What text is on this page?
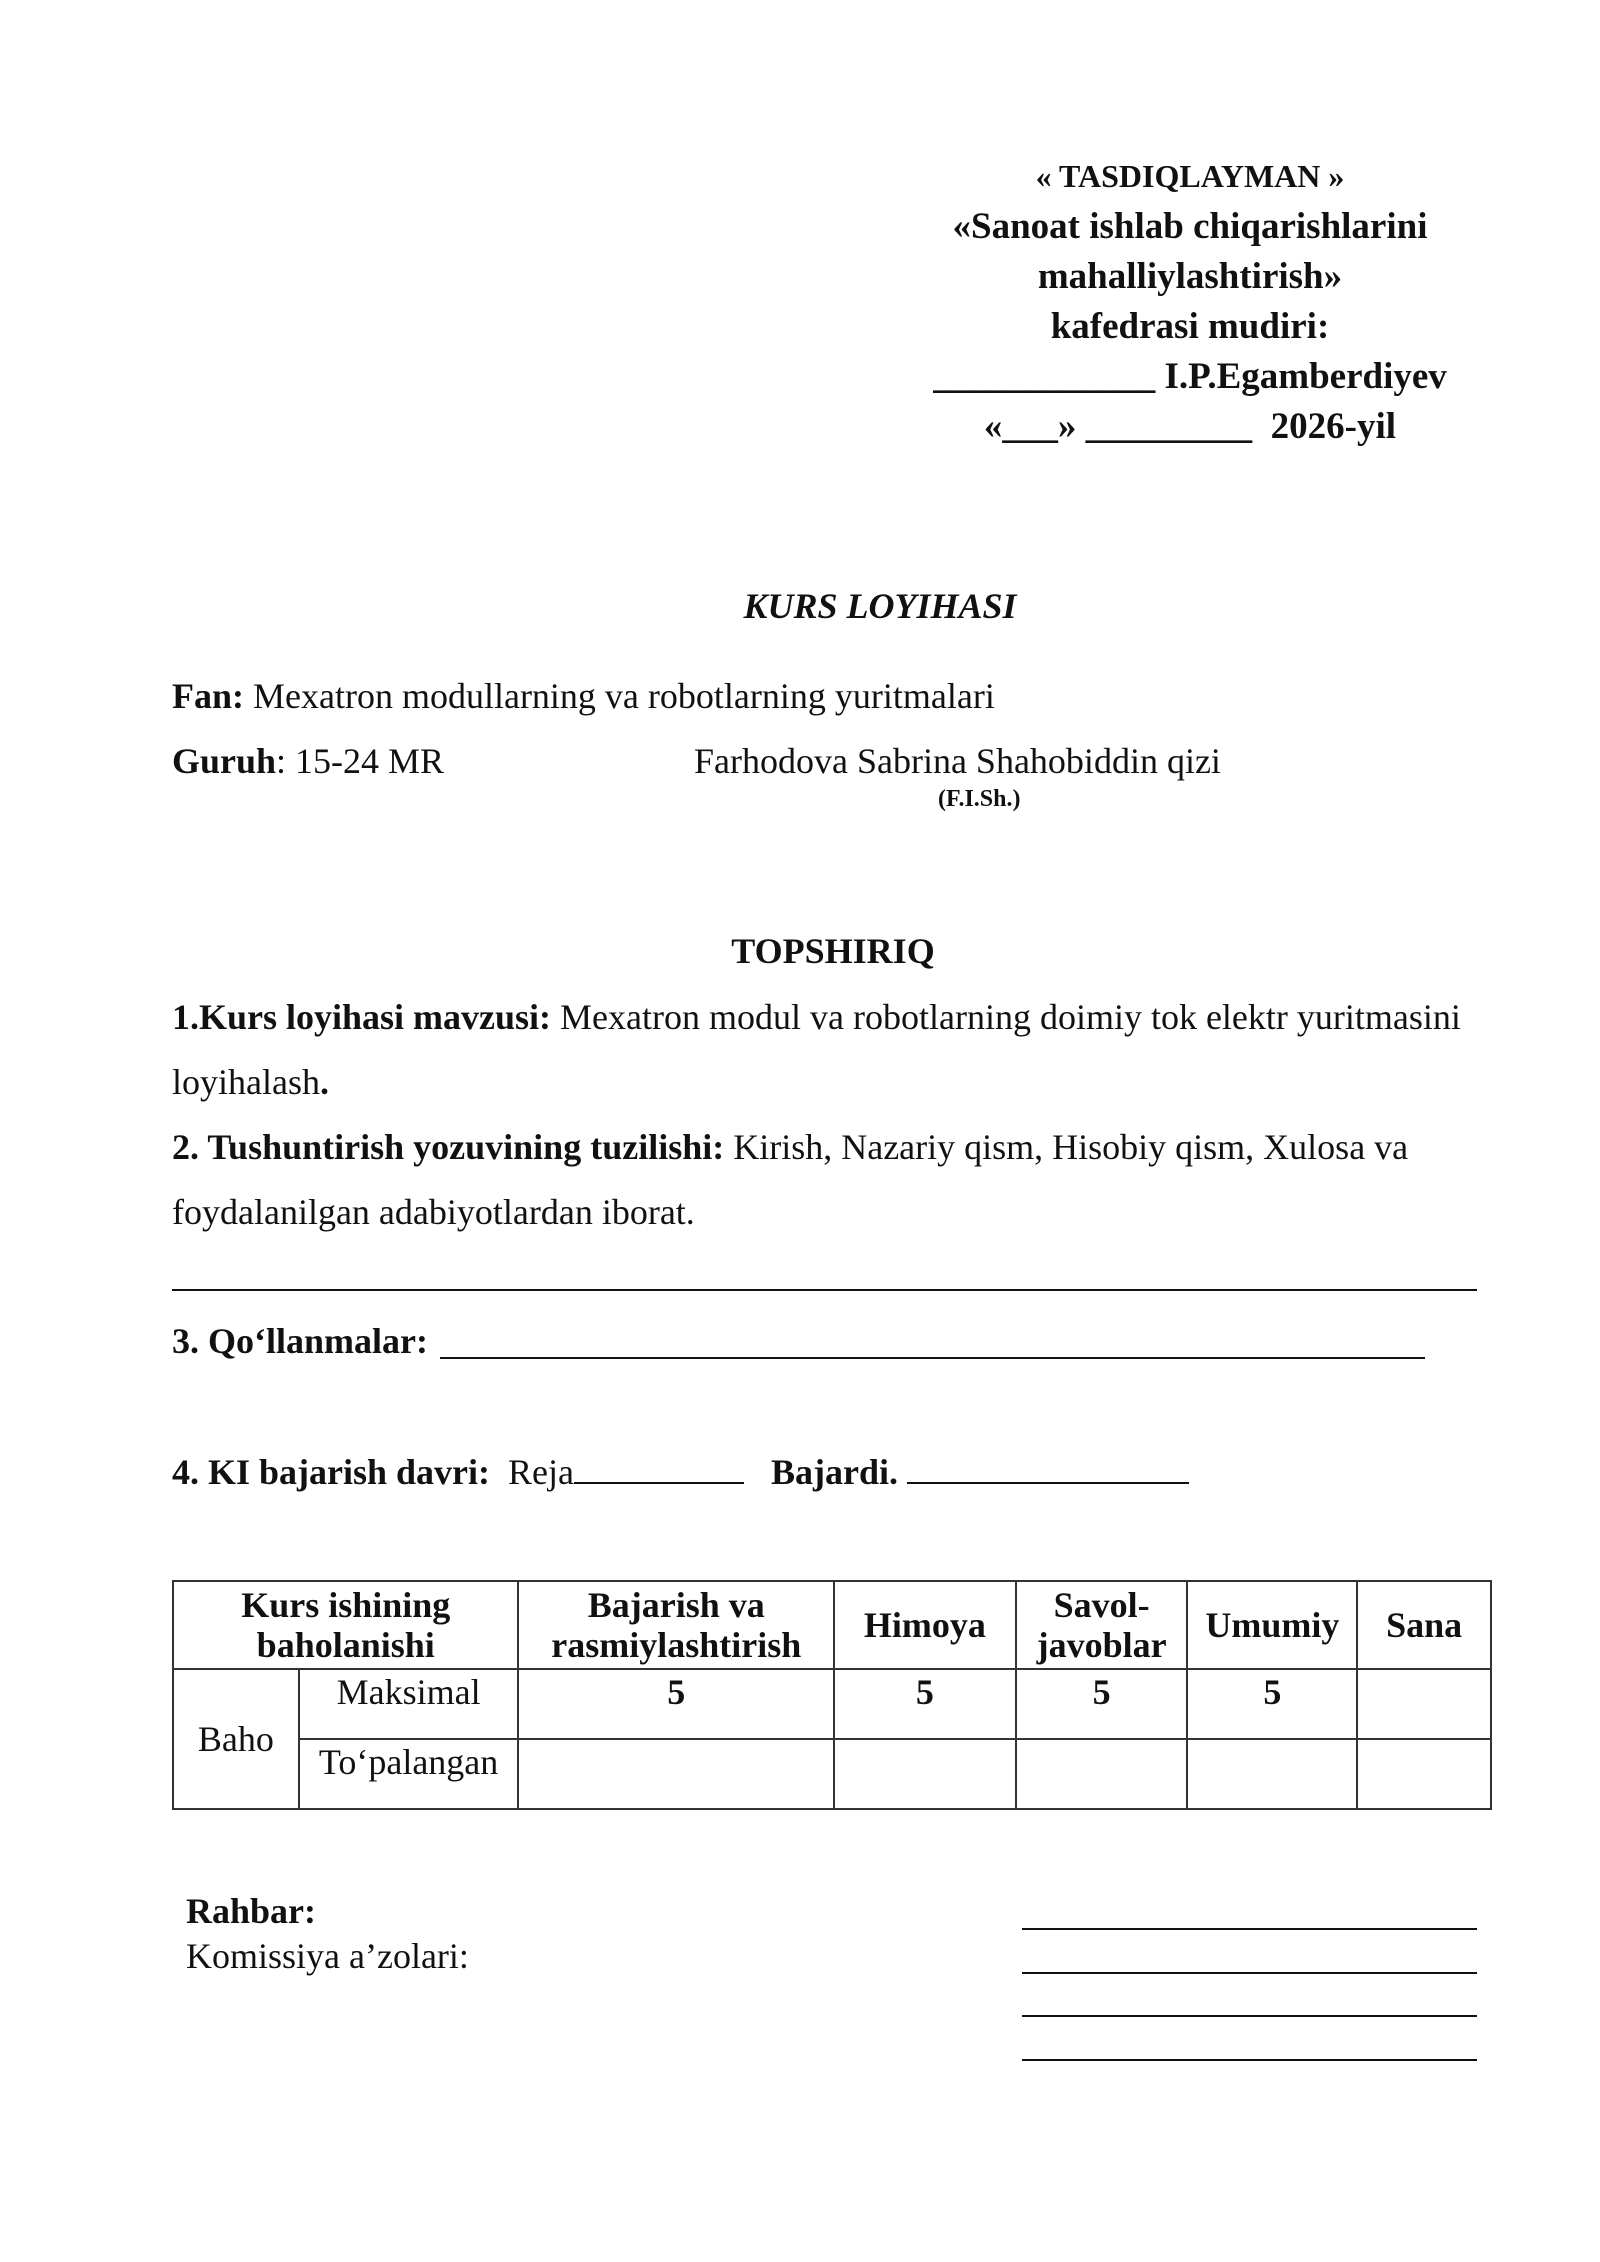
« TASDIQLAYMAN »
«Sanoat ishlab chiqarishlarini
mahalliylashtirish»
kafedrasi mudiri:
____________ I.P.Egamberdiyev
«___» _________  2026-yil
KURS LOYIHASI
Fan: Mexatron modullarning va robotlarning yuritmalari
Guruh: 15-24 MR	Farhodova Sabrina Shahobiddin qizi
(F.I.Sh.)
TOPSHIRIQ
1.Kurs loyihasi mavzusi: Mexatron modul va robotlarning doimiy tok elektr yuritmasini loyihalash.
2. Tushuntirish yozuvining tuzilishi: Kirish, Nazariy qism, Hisobiy qism, Xulosa va foydalanilgan adabiyotlardan iborat.
3. Qo‘llanmalar:
4. KI bajarish davri:  Reja	Bajardi.
Kurs ishining baholanishi		Bajarish va rasmiylashtirish	Himoya	Savol-javoblar	Umumiy	Sana
Baho	Maksimal	5	5	5	5	
	To‘palangan					
Rahbar:
Komissiya a’zolari:
